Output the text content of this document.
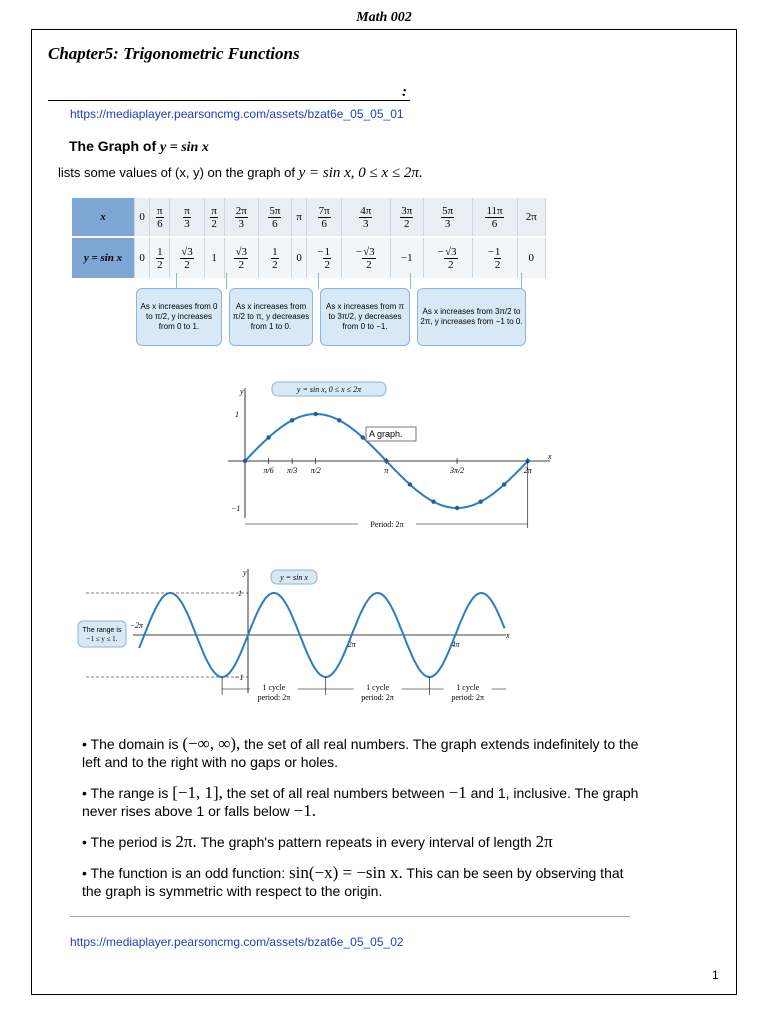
Math 002
Chapter5: Trigonometric Functions
:
https://mediaplayer.pearsoncmg.com/assets/bzat6e_05_05_01
The Graph of y = sin x
lists some values of (x, y) on the graph of y = sin x, 0 ≤ x ≤ 2π.
x	0	$\frac{\pi}{6}$	$\frac{\pi}{3}$	$\frac{\pi}{2}$	$\frac{2\pi}{3}$	$\frac{5\pi}{6}$	π	$\frac{7\pi}{6}$	$\frac{4\pi}{3}$	$\frac{3\pi}{2}$	$\frac{5\pi}{3}$	$\frac{11\pi}{6}$	2π
y = sin x	0	$\frac{1}{2}$	$\frac{√3}{2}$	1	$\frac{√3}{2}$	$\frac{1}{2}$	0	− $\frac{1}{2}$	− $\frac{√3}{2}$	−1	− $\frac{√3}{2}$	− $\frac{1}{2}$	0
As x increases from 0 to π/2, y increases from 0 to 1.
As x increases from π/2 to π, y decreases from 1 to 0.
As x increases from π to 3π/2, y decreases from 0 to −1.
As x increases from 3π/2 to 2π, y increases from −1 to 0.
x
y
1
−1
π/6 π/3 π/2	π	3π/2	2π
Period: 2π
y = sin x, 0 ≤ x ≤ 2π
A graph.
x
y
1
−1
−2π
2π	4π
1 cycle
period: 2π
1 cycle
period: 2π
1 cycle
period: 2π
y = sin x
The range is
−1 ≤ y ≤ 1.

• The domain is (−∞, ∞), the set of all real numbers. The graph extends indefinitely to the left and to the right with no gaps or holes.

• The range is [−1, 1], the set of all real numbers between −1 and 1, inclusive. The graph never rises above 1 or falls below −1.

• The period is 2π. The graph's pattern repeats in every interval of length 2π

• The function is an odd function: sin(−x) = −sin x. This can be seen by observing that the graph is symmetric with respect to the origin.

https://mediaplayer.pearsoncmg.com/assets/bzat6e_05_05_02
1
